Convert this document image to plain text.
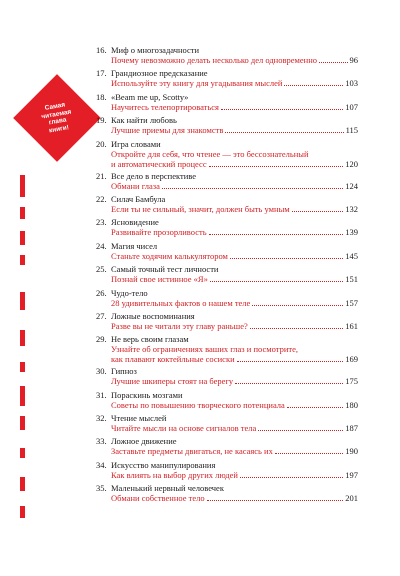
Самая
читаемая
глава
книги!
16. Миф о многозадачности
Почему невозможно делать несколько дел одновременно	96
17. Грандиозное предсказание
Используйте эту книгу для угадывания мыслей	103
18. «Beam me up, Scotty»
Научитесь телепортироваться	107
19. Как найти любовь
Лучшие приемы для знакомств	115
20. Игра словами
Откройте для себя, что чтенее — это бессознательный
и автоматический процесс	120
21. Все дело в перспективе
Обмани глаза	124
22. Силач Бамбула
Если ты не сильный, значит, должен быть умным	132
23. Ясновидение
Развивайте прозорливость	139
24. Магия чисел
Станьте ходячим калькулятором	145
25. Самый точный тест личности
Познай свое истинное «Я»	151
26. Чудо-тело
28 удивительных фактов о нашем теле	157
27. Ложные воспоминания
Разве вы не читали эту главу раньше?	161
29. Не верь своим глазам
Узнайте об ограничениях ваших глаз и посмотрите,
как плавают коктейльные сосиски	169
30. Гипноз
Лучшие шкиперы стоят на берегу	175
31. Пораскинь мозгами
Советы по повышению творческого потенциала	180
32. Чтение мыслей
Читайте мысли на основе сигналов тела	187
33. Ложное движение
Заставьте предметы двигаться, не касаясь их	190
34. Искусство манипулирования
Как влиять на выбор других людей	197
35. Маленький нервный человечек
Обмани собственное тело	201
